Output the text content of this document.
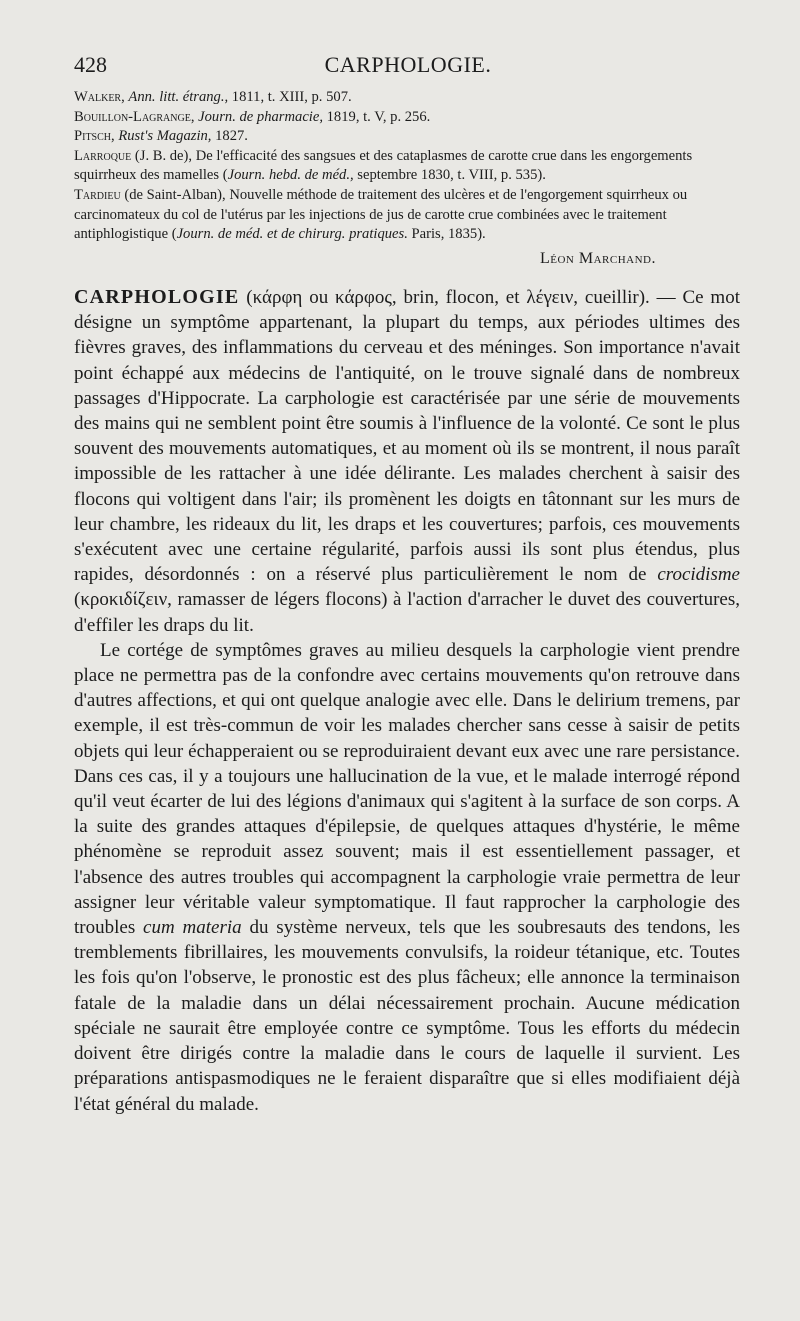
428	CARPHOLOGIE.
Walker, Ann. litt. étrang., 1811, t. XIII, p. 507.
Bouillon-Lagrange, Journ. de pharmacie, 1819, t. V, p. 256.
Pitsch, Rust's Magazin, 1827.
Larroque (J. B. de), De l'efficacité des sangsues et des cataplasmes de carotte crue dans les engorgements squirrheux des mamelles (Journ. hebd. de méd., septembre 1830, t. VIII, p. 535).
Tardieu (de Saint-Alban), Nouvelle méthode de traitement des ulcères et de l'engorgement squirrheux ou carcinomateux du col de l'utérus par les injections de jus de carotte crue combinées avec le traitement antiphlogistique (Journ. de méd. et de chirurg. pratiques. Paris, 1835).
Léon Marchand.

CARPHOLOGIE (κάρφη ou κάρφος, brin, flocon, et λέγειν, cueillir). — Ce mot désigne un symptôme appartenant, la plupart du temps, aux périodes ultimes des fièvres graves, des inflammations du cerveau et des méninges. Son importance n'avait point échappé aux médecins de l'antiquité, on le trouve signalé dans de nombreux passages d'Hippocrate. La carphologie est caractérisée par une série de mouvements des mains qui ne semblent point être soumis à l'influence de la volonté. Ce sont le plus souvent des mouvements automatiques, et au moment où ils se montrent, il nous paraît impossible de les rattacher à une idée délirante. Les malades cherchent à saisir des flocons qui voltigent dans l'air; ils promènent les doigts en tâtonnant sur les murs de leur chambre, les rideaux du lit, les draps et les couvertures; parfois, ces mouvements s'exécutent avec une certaine régularité, parfois aussi ils sont plus étendus, plus rapides, désordonnés : on a réservé plus particulièrement le nom de crocidisme (κροκιδίζειν, ramasser de légers flocons) à l'action d'arracher le duvet des couvertures, d'effiler les draps du lit.

Le cortége de symptômes graves au milieu desquels la carphologie vient prendre place ne permettra pas de la confondre avec certains mouvements qu'on retrouve dans d'autres affections, et qui ont quelque analogie avec elle. Dans le delirium tremens, par exemple, il est très-commun de voir les malades chercher sans cesse à saisir de petits objets qui leur échapperaient ou se reproduiraient devant eux avec une rare persistance. Dans ces cas, il y a toujours une hallucination de la vue, et le malade interrogé répond qu'il veut écarter de lui des légions d'animaux qui s'agitent à la surface de son corps. A la suite des grandes attaques d'épilepsie, de quelques attaques d'hystérie, le même phénomène se reproduit assez souvent; mais il est essentiellement passager, et l'absence des autres troubles qui accompagnent la carphologie vraie permettra de leur assigner leur véritable valeur symptomatique. Il faut rapprocher la carphologie des troubles cum materia du système nerveux, tels que les soubresauts des tendons, les tremblements fibrillaires, les mouvements convulsifs, la roideur tétanique, etc. Toutes les fois qu'on l'observe, le pronostic est des plus fâcheux; elle annonce la terminaison fatale de la maladie dans un délai nécessairement prochain. Aucune médication spéciale ne saurait être employée contre ce symptôme. Tous les efforts du médecin doivent être dirigés contre la maladie dans le cours de laquelle il survient. Les préparations antispasmodiques ne le feraient disparaître que si elles modifiaient déjà l'état général du malade.
